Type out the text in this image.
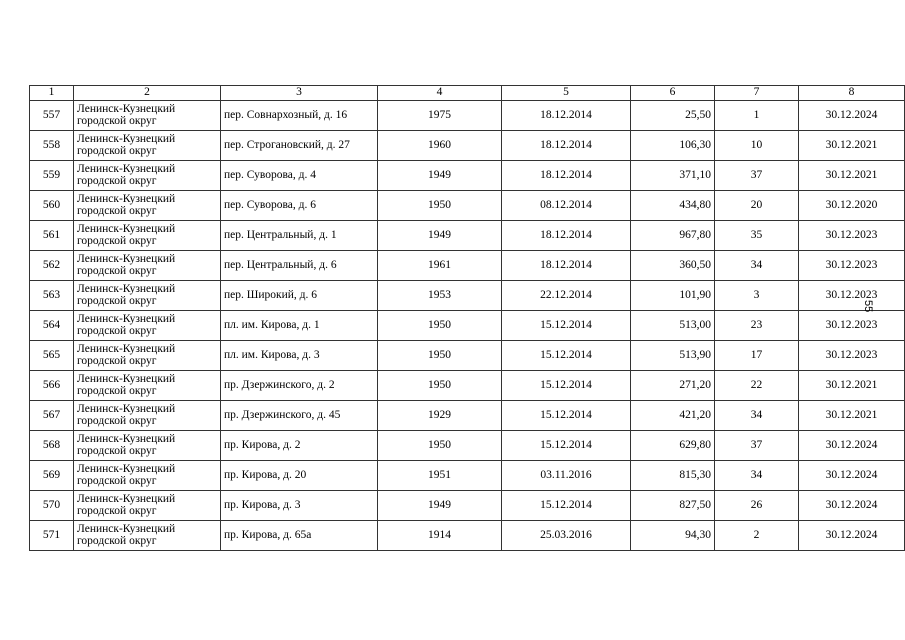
1	2	3	4	5	6	7	8
557	Ленинск-Кузнецкий
городской округ	пер. Совнархозный, д. 16	1975	18.12.2014	25,50	1	30.12.2024
558	Ленинск-Кузнецкий
городской округ	пер. Строгановский, д. 27	1960	18.12.2014	106,30	10	30.12.2021
559	Ленинск-Кузнецкий
городской округ	пер. Суворова, д. 4	1949	18.12.2014	371,10	37	30.12.2021
560	Ленинск-Кузнецкий
городской округ	пер. Суворова, д. 6	1950	08.12.2014	434,80	20	30.12.2020
561	Ленинск-Кузнецкий
городской округ	пер. Центральный, д. 1	1949	18.12.2014	967,80	35	30.12.2023
562	Ленинск-Кузнецкий
городской округ	пер. Центральный, д. 6	1961	18.12.2014	360,50	34	30.12.2023
563	Ленинск-Кузнецкий
городской округ	пер. Широкий, д. 6	1953	22.12.2014	101,90	3	30.12.2023
564	Ленинск-Кузнецкий
городской округ	пл. им. Кирова, д. 1	1950	15.12.2014	513,00	23	30.12.2023
565	Ленинск-Кузнецкий
городской округ	пл. им. Кирова, д. 3	1950	15.12.2014	513,90	17	30.12.2023
566	Ленинск-Кузнецкий
городской округ	пр. Дзержинского, д. 2	1950	15.12.2014	271,20	22	30.12.2021
567	Ленинск-Кузнецкий
городской округ	пр. Дзержинского, д. 45	1929	15.12.2014	421,20	34	30.12.2021
568	Ленинск-Кузнецкий
городской округ	пр. Кирова, д. 2	1950	15.12.2014	629,80	37	30.12.2024
569	Ленинск-Кузнецкий
городской округ	пр. Кирова, д. 20	1951	03.11.2016	815,30	34	30.12.2024
570	Ленинск-Кузнецкий
городской округ	пр. Кирова, д. 3	1949	15.12.2014	827,50	26	30.12.2024
571	Ленинск-Кузнецкий
городской округ	пр. Кирова, д. 65а	1914	25.03.2016	94,30	2	30.12.2024
55
